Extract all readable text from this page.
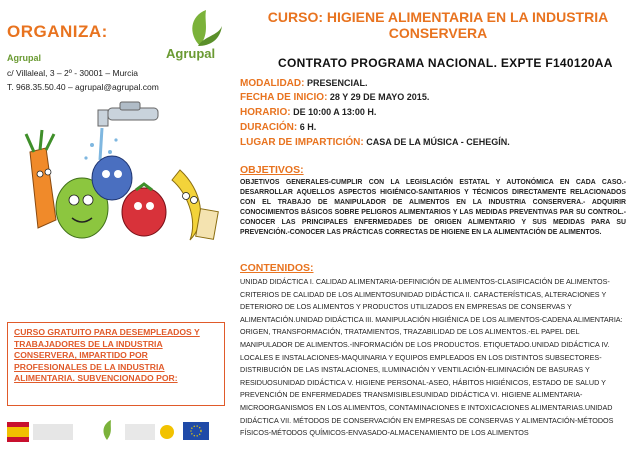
ORGANIZA:
Agrupal
Agrupal
c/ Villaleal, 3 – 2º - 30001 – Murcia
T. 968.35.50.40 – agrupal@agrupal.com
CURSO GRATUITO PARA DESEMPLEADOS Y TRABAJADORES DE LA INDUSTRIA CONSERVERA, IMPARTIDO POR PROFESIONALES DE LA INDUSTRIA ALIMENTARIA. SUBVENCIONADO POR:
CURSO: HIGIENE ALIMENTARIA EN LA INDUSTRIA CONSERVERA
CONTRATO PROGRAMA NACIONAL. EXPTE F140120AA
MODALIDAD: PRESENCIAL.
FECHA DE INICIO: 28 Y 29 DE MAYO 2015.
HORARIO: DE 10:00 A 13:00 H.
DURACIÓN: 6 H.
LUGAR DE IMPARTICIÓN: CASA DE LA MÚSICA - CEHEGÍN.
OBJETIVOS:
OBJETIVOS GENERALES-CUMPLIR CON LA LEGISLACIÓN ESTATAL Y AUTONÓMICA EN CADA CASO.-DESARROLLAR AQUELLOS ASPECTOS HIGIÉNICO-SANITARIOS Y TÉCNICOS DIRECTAMENTE RELACIONADOS CON EL TRABAJO DE MANIPULADOR DE ALIMENTOS EN LA INDUSTRIA CONSERVERA.- ADQUIRIR CONOCIMIENTOS BÁSICOS SOBRE PELIGROS ALIMENTARIOS Y LAS MEDIDAS PREVENTIVAS PAR SU CONTROL.-CONOCER LAS PRINCIPALES ENFERMEDADES DE ORIGEN ALIMENTARIO Y SUS MEDIDAS PARA SU PREVENCIÓN.-CONOCER LAS PRÁCTICAS CORRECTAS DE HIGIENE EN LA ALIMENTACIÓN DE ALIMENTOS.
CONTENIDOS:
UNIDAD DIDÁCTICA I. CALIDAD ALIMENTARIA-DEFINICIÓN DE ALIMENTOS-CLASIFICACIÓN DE ALIMENTOS-CRITERIOS DE CALIDAD DE LOS ALIMENTOSUNIDAD DIDÁCTICA II. CARACTERÍSTICAS, ALTERACIONES Y DETERIORO DE LOS ALIMENTOS Y PRODUCTOS UTILIZADOS EN EMPRESAS DE CONSERVAS Y ALIMENTACIÓN.UNIDAD DIDÁCTICA III. MANIPULACIÓN HIGIÉNICA DE LOS ALIMENTOS-CADENA ALIMENTARIA: ORIGEN, TRANSFORMACIÓN, TRATAMIENTOS, TRAZABILIDAD DE LOS ALIMENTOS.-EL PAPEL DEL MANIPULADOR DE ALIMENTOS.-INFORMACIÓN DE LOS PRODUCTOS. ETIQUETADO.UNIDAD DIDÁCTICA IV. LOCALES E INSTALACIONES-MAQUINARIA Y EQUIPOS EMPLEADOS EN LOS DISTINTOS SUBSECTORES-DISTRIBUCIÓN DE LAS INSTALACIONES, ILUMINACIÓN Y VENTILACIÓN-ELIMINACIÓN DE BASURAS Y RESIDUOSUNIDAD DIDÁCTICA V. HIGIENE PERSONAL-ASEO, HÁBITOS HIGIÉNICOS, ESTADO DE SALUD Y PREVENCIÓN DE ENFERMEDADES TRANSMISIBLESUNIDAD DIDÁCTICA VI. HIGIENE ALIMENTARIA-MICROORGANISMOS EN LOS ALIMENTOS, CONTAMINACIONES E INTOXICACIONES ALIMENTARIAS.UNIDAD DIDÁCTICA VII. MÉTODOS DE CONSERVACIÓN EN EMPRESAS DE CONSERVAS Y ALIMENTACIÓN-MÉTODOS FÍSICOS-MÉTODOS QUÍMICOS-ENVASADO-ALMACENAMIENTO DE LOS ALIMENTOS
